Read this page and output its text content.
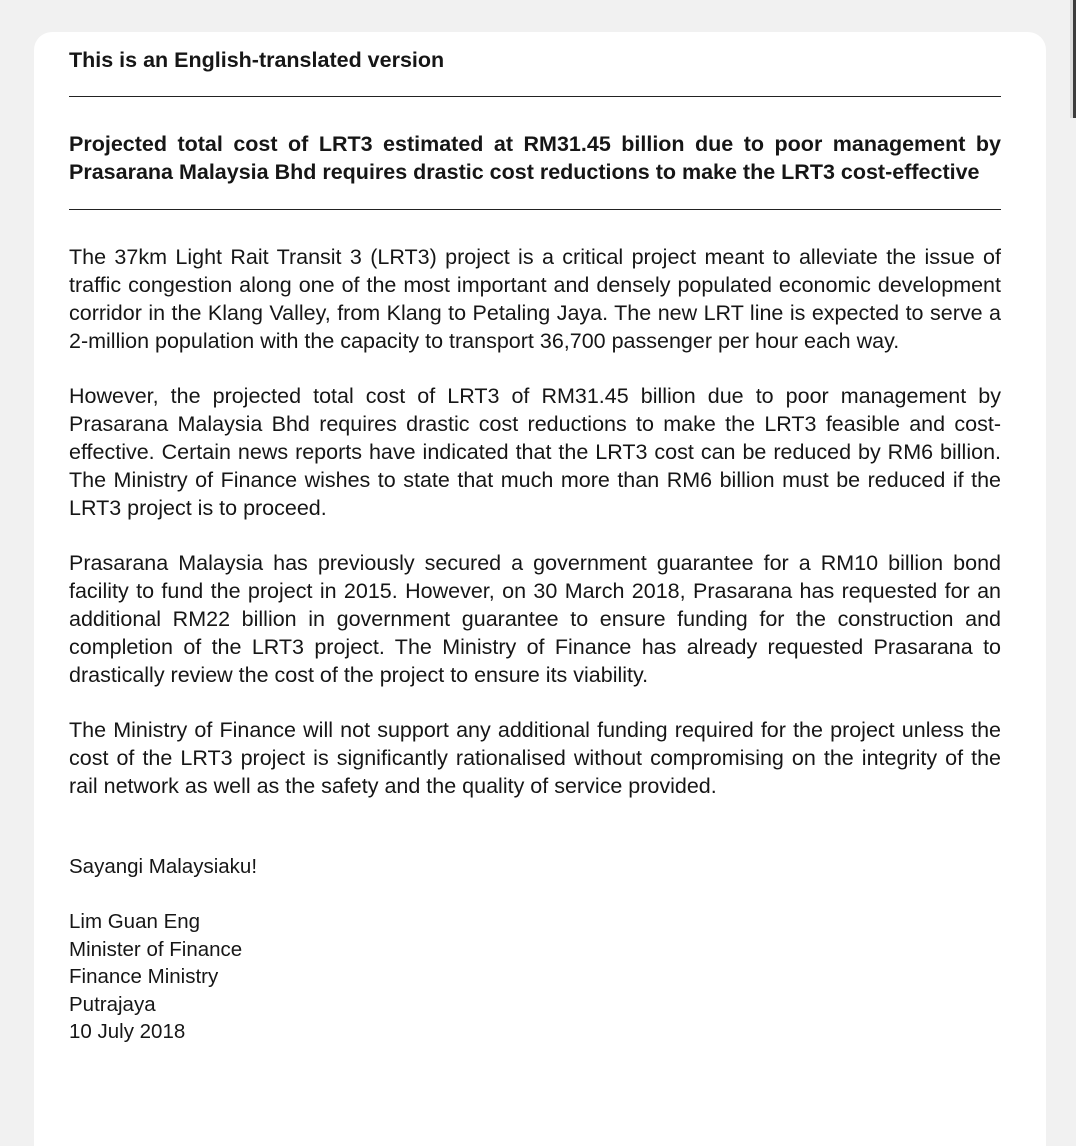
This is an English-translated version

Projected total cost of LRT3 estimated at RM31.45 billion due to poor management by Prasarana Malaysia Bhd requires drastic cost reductions to make the LRT3 cost-effective

The 37km Light Rait Transit 3 (LRT3) project is a critical project meant to alleviate the issue of traffic congestion along one of the most important and densely populated economic development corridor in the Klang Valley, from Klang to Petaling Jaya. The new LRT line is expected to serve a 2-million population with the capacity to transport 36,700 passenger per hour each way.

However, the projected total cost of LRT3 of RM31.45 billion due to poor management by Prasarana Malaysia Bhd requires drastic cost reductions to make the LRT3 feasible and cost-effective. Certain news reports have indicated that the LRT3 cost can be reduced by RM6 billion. The Ministry of Finance wishes to state that much more than RM6 billion must be reduced if the LRT3 project is to proceed.

Prasarana Malaysia has previously secured a government guarantee for a RM10 billion bond facility to fund the project in 2015. However, on 30 March 2018, Prasarana has requested for an additional RM22 billion in government guarantee to ensure funding for the construction and completion of the LRT3 project. The Ministry of Finance has already requested Prasarana to drastically review the cost of the project to ensure its viability.

The Ministry of Finance will not support any additional funding required for the project unless the cost of the LRT3 project is significantly rationalised without compromising on the integrity of the rail network as well as the safety and the quality of service provided.

Sayangi Malaysiaku!

Lim Guan Eng
Minister of Finance
Finance Ministry
Putrajaya
10 July 2018
